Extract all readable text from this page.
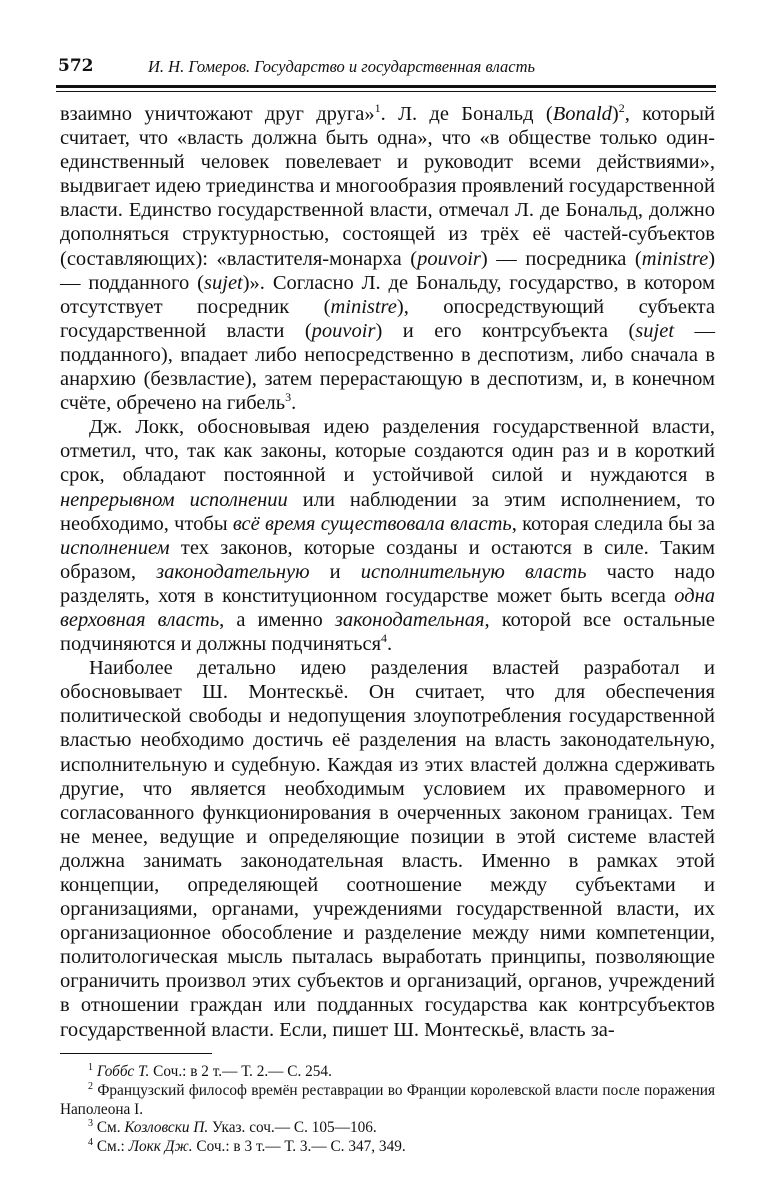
572	И. Н. Гомеров. Государство и государственная власть

взаимно уничтожают друг друга»$^1$. Л. де Бональд (Bonald)$^2$, который считает, что «власть должна быть одна», что «в обществе только один-единственный человек повелевает и руководит всеми действиями», выдвигает идею триединства и многообразия проявлений государственной власти. Единство государственной власти, отмечал Л. де Бональд, должно дополняться структурностью, состоящей из трёх её частей-субъектов (составляющих): «властителя-монарха (pouvoir) — посредника (ministre) — подданного (sujet)». Согласно Л. де Бональду, государство, в котором отсутствует посредник (ministre), опосредствующий субъекта государственной власти (pouvoir) и его контрсубъекта (sujet — подданного), впадает либо непосредственно в деспотизм, либо сначала в анархию (безвластие), затем перерастающую в деспотизм, и, в конечном счёте, обречено на гибель$^3$.

Дж. Локк, обосновывая идею разделения государственной власти, отметил, что, так как законы, которые создаются один раз и в короткий срок, обладают постоянной и устойчивой силой и нуждаются в непрерывном исполнении или наблюдении за этим исполнением, то необходимо, чтобы всё время существовала власть, которая следила бы за исполнением тех законов, которые созданы и остаются в силе. Таким образом, законодательную и исполнительную власть часто надо разделять, хотя в конституционном государстве может быть всегда одна верховная власть, а именно законодательная, которой все остальные подчиняются и должны подчиняться$^4$.

Наиболее детально идею разделения властей разработал и обосновывает Ш. Монтескьё. Он считает, что для обеспечения политической свободы и недопущения злоупотребления государственной властью необходимо достичь её разделения на власть законодательную, исполнительную и судебную. Каждая из этих властей должна сдерживать другие, что является необходимым условием их правомерного и согласованного функционирования в очерченных законом границах. Тем не менее, ведущие и определяющие позиции в этой системе властей должна занимать законодательная власть. Именно в рамках этой концепции, определяющей соотношение между субъектами и организациями, органами, учреждениями государственной власти, их организационное обособление и разделение между ними компетенции, политологическая мысль пыталась выработать принципы, позволяющие ограничить произвол этих субъектов и организаций, органов, учреждений в отношении граждан или подданных государства как контрсубъектов государственной власти. Если, пишет Ш. Монтескьё, власть за-

$^1$ Гоббс Т. Соч.: в 2 т.— Т. 2.— С. 254.

$^2$ Французский философ времён реставрации во Франции королевской власти после поражения Наполеона I.

$^3$ См. Козловски П. Указ. соч.— С. 105—106.

$^4$ См.: Локк Дж. Соч.: в 3 т.— Т. 3.— С. 347, 349.
